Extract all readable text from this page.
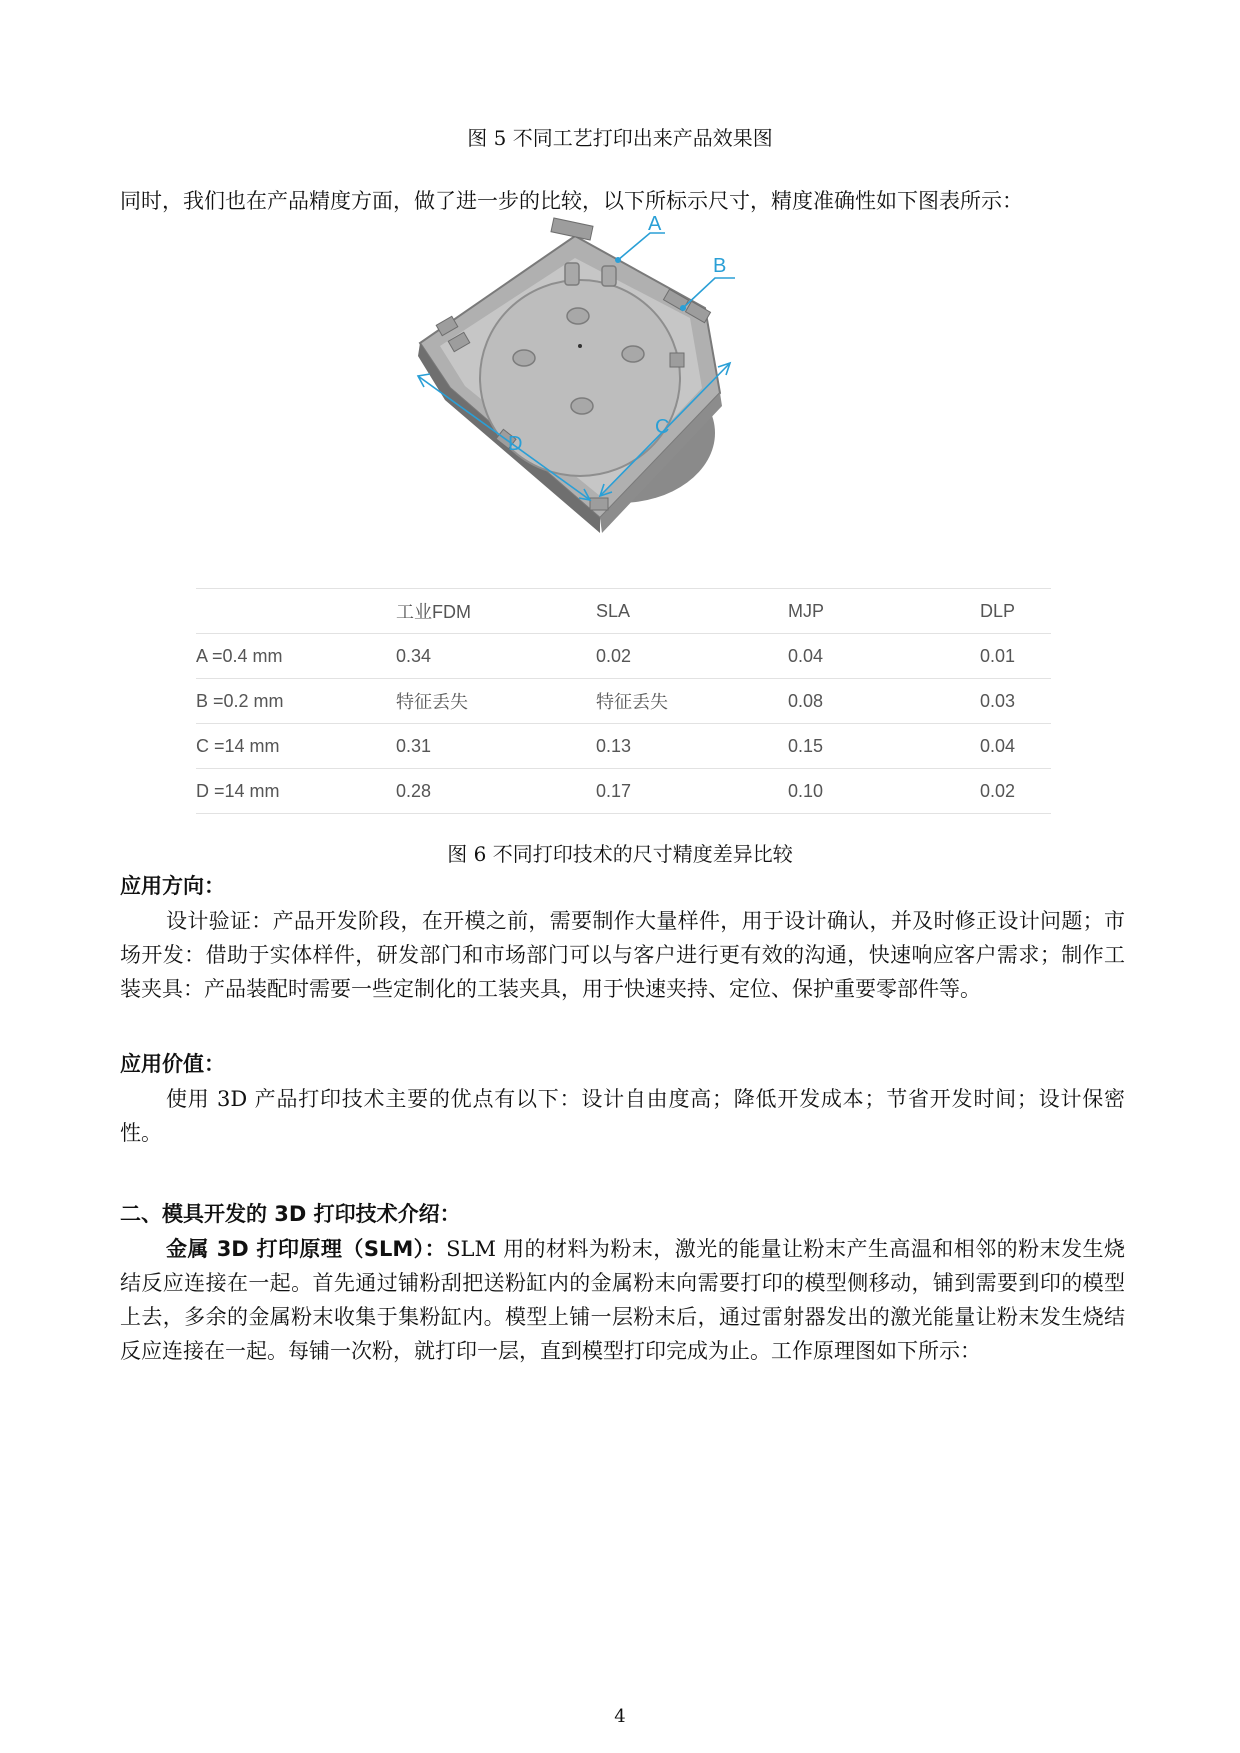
图 5 不同工艺打印出来产品效果图
同时，我们也在产品精度方面，做了进一步的比较，以下所标示尺寸，精度准确性如下图表所示：
A
B
C
D
	工业FDM	SLA	MJP	DLP
A =0.4 mm	0.34	0.02	0.04	0.01
B =0.2 mm	特征丢失	特征丢失	0.08	0.03
C =14 mm	0.31	0.13	0.15	0.04
D =14 mm	0.28	0.17	0.10	0.02
图 6 不同打印技术的尺寸精度差异比较
应用方向：
设计验证：产品开发阶段，在开模之前，需要制作大量样件，用于设计确认，并及时修正设计问题；市场开发：借助于实体样件，研发部门和市场部门可以与客户进行更有效的沟通，快速响应客户需求；制作工装夹具：产品装配时需要一些定制化的工装夹具，用于快速夹持、定位、保护重要零部件等。
应用价值：
使用 3D 产品打印技术主要的优点有以下：设计自由度高；降低开发成本；节省开发时间；设计保密性。
二、模具开发的 3D 打印技术介绍：
金属 3D 打印原理（SLM）：SLM 用的材料为粉末，激光的能量让粉末产生高温和相邻的粉末发生烧结反应连接在一起。首先通过铺粉刮把送粉缸内的金属粉末向需要打印的模型侧移动，铺到需要到印的模型上去，多余的金属粉末收集于集粉缸内。模型上铺一层粉末后，通过雷射器发出的激光能量让粉末发生烧结反应连接在一起。每铺一次粉，就打印一层，直到模型打印完成为止。工作原理图如下所示：
4
